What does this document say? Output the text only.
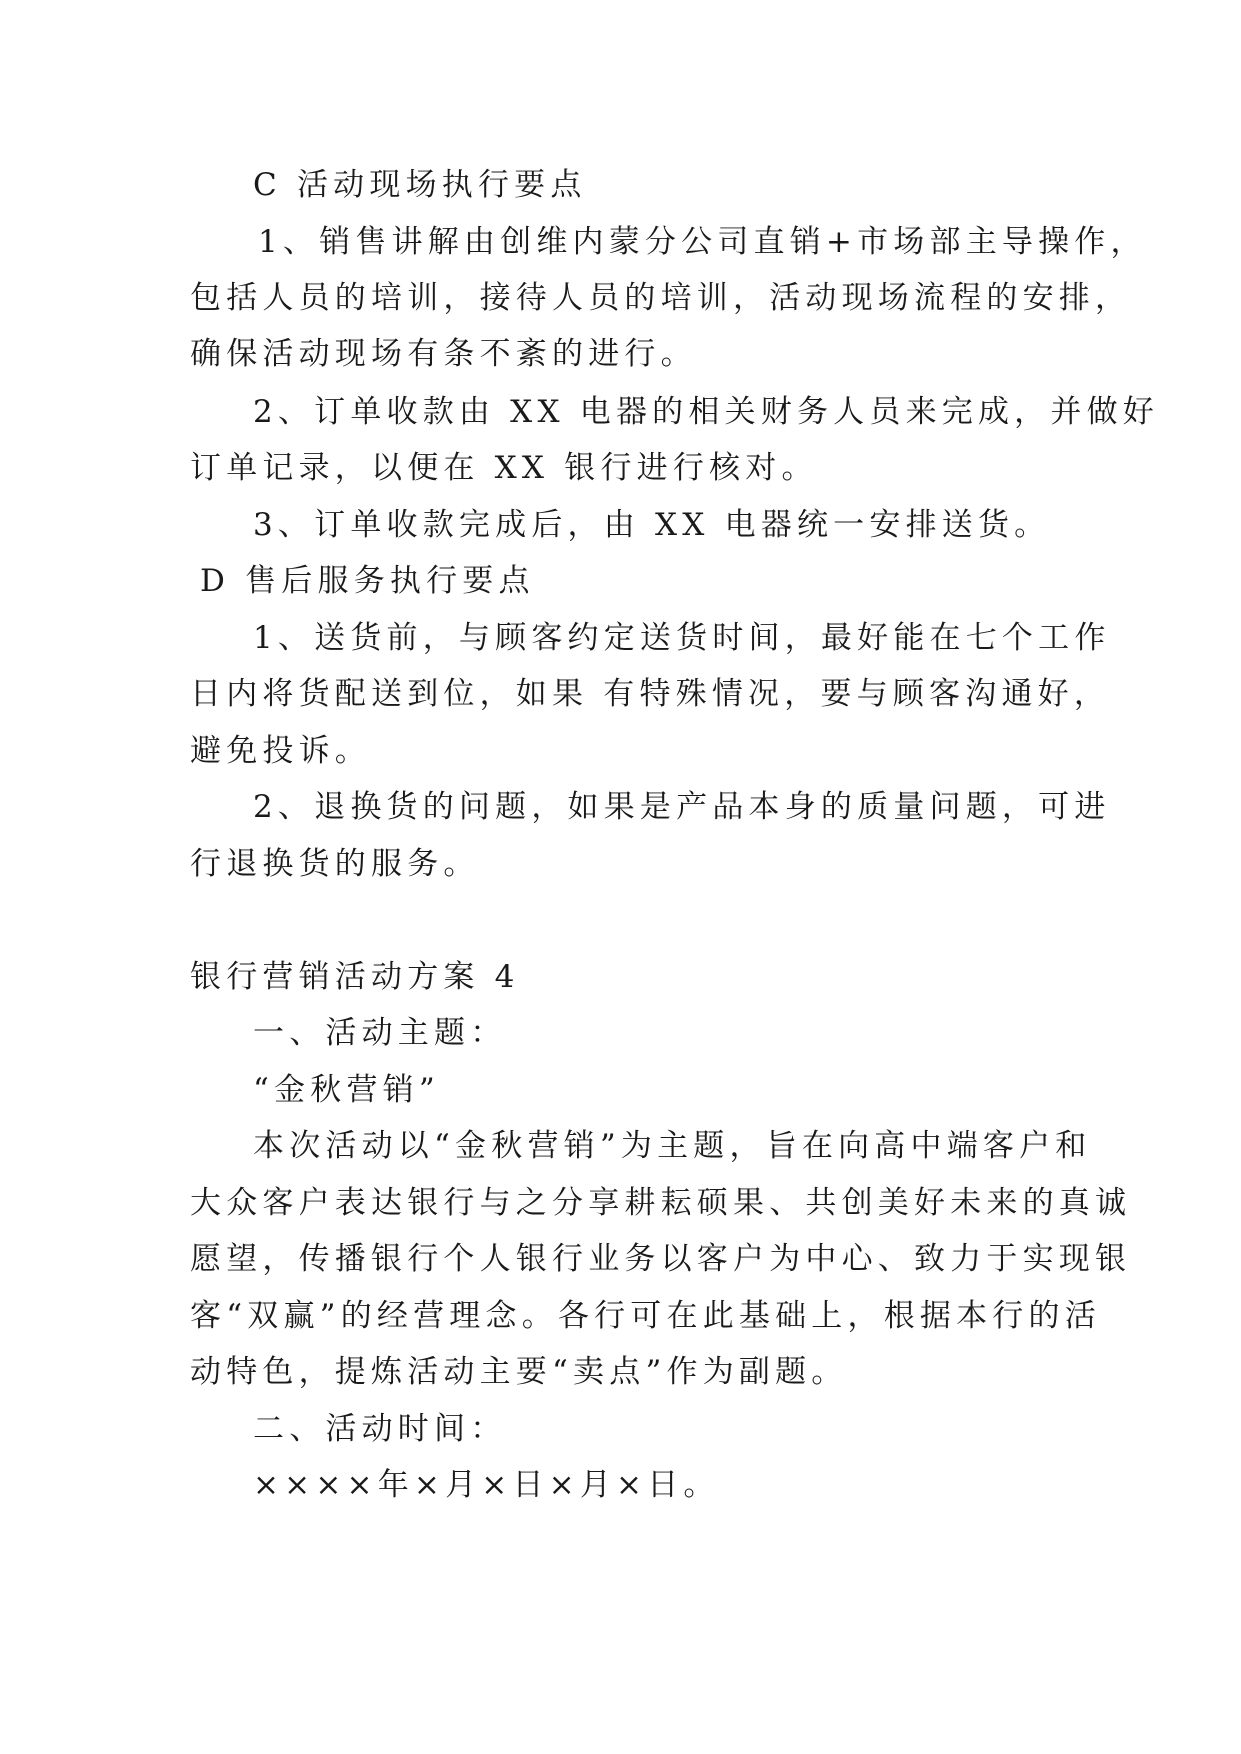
C 活动现场执行要点
1、销售讲解由创维内蒙分公司直销+市场部主导操作，
包括人员的培训，接待人员的培训，活动现场流程的安排，
确保活动现场有条不紊的进行。
2、订单收款由 XX 电器的相关财务人员来完成，并做好
订单记录，以便在 XX 银行进行核对。
3、订单收款完成后，由 XX 电器统一安排送货。
D 售后服务执行要点
1、送货前，与顾客约定送货时间，最好能在七个工作
日内将货配送到位，如果 有特殊情况，要与顾客沟通好，
避免投诉。
2、退换货的问题，如果是产品本身的质量问题，可进
行退换货的服务。
银行营销活动方案 4
一、活动主题：
“金秋营销”
本次活动以“金秋营销”为主题，旨在向高中端客户和
大众客户表达银行与之分享耕耘硕果、共创美好未来的真诚
愿望，传播银行个人银行业务以客户为中心、致力于实现银
客“双赢”的经营理念。各行可在此基础上，根据本行的活
动特色，提炼活动主要“卖点”作为副题。
二、活动时间：
××××年×月×日×月×日。
